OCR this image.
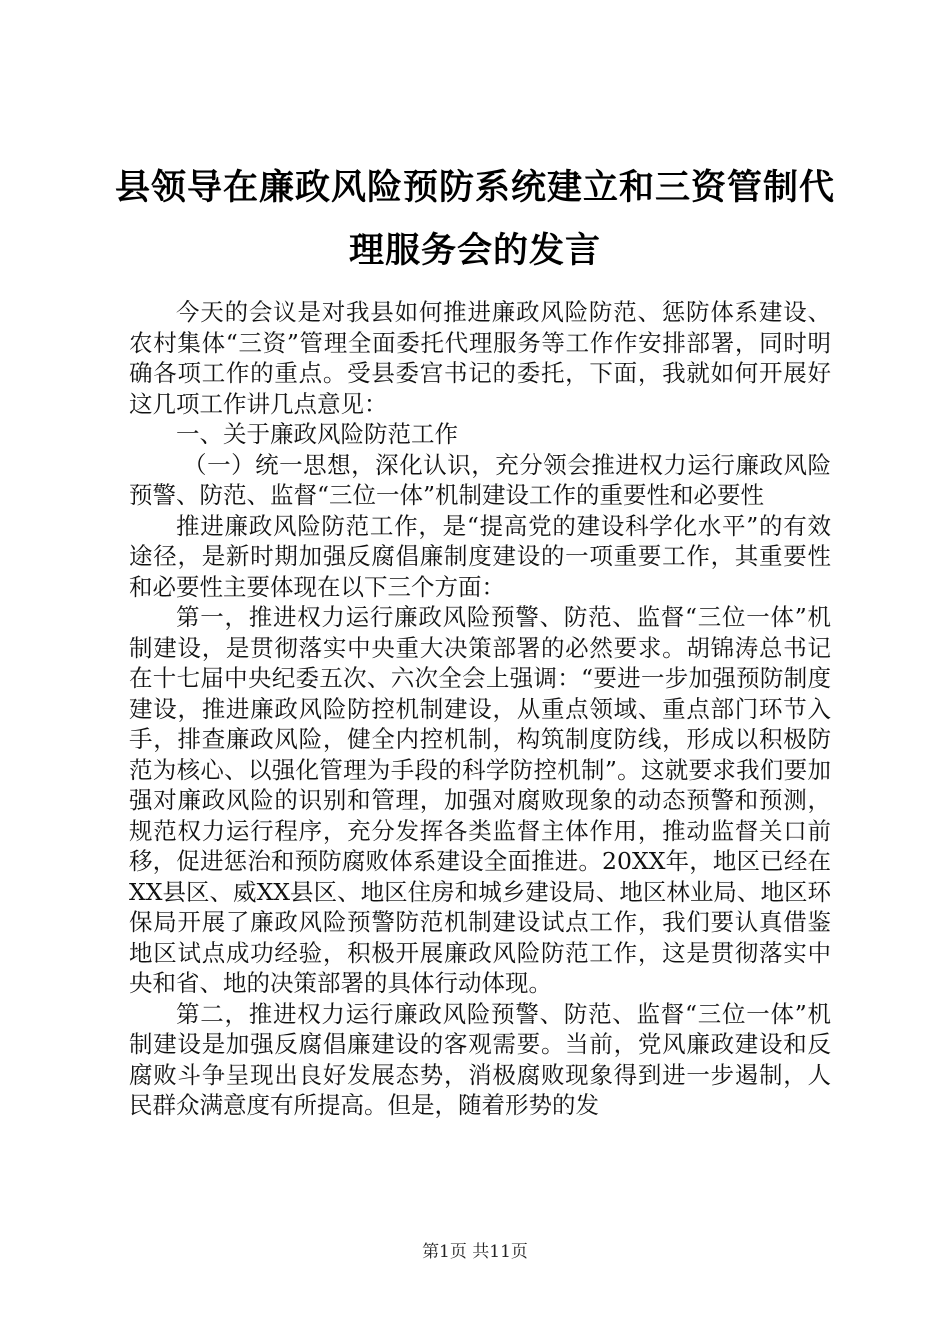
县领导在廉政风险预防系统建立和三资管制代理服务会的发言

今天的会议是对我县如何推进廉政风险防范、惩防体系建设、农村集体“三资”管理全面委托代理服务等工作作安排部署，同时明确各项工作的重点。受县委宫书记的委托，下面，我就如何开展好这几项工作讲几点意见：

一、关于廉政风险防范工作

（一）统一思想，深化认识，充分领会推进权力运行廉政风险预警、防范、监督“三位一体”机制建设工作的重要性和必要性

推进廉政风险防范工作，是“提高党的建设科学化水平”的有效途径，是新时期加强反腐倡廉制度建设的一项重要工作，其重要性和必要性主要体现在以下三个方面：

第一，推进权力运行廉政风险预警、防范、监督“三位一体”机制建设，是贯彻落实中央重大决策部署的必然要求。胡锦涛总书记在十七届中央纪委五次、六次全会上强调：“要进一步加强预防制度建设，推进廉政风险防控机制建设，从重点领域、重点部门环节入手，排查廉政风险，健全内控机制，构筑制度防线，形成以积极防范为核心、以强化管理为手段的科学防控机制”。这就要求我们要加强对廉政风险的识别和管理，加强对腐败现象的动态预警和预测，规范权力运行程序，充分发挥各类监督主体作用，推动监督关口前移，促进惩治和预防腐败体系建设全面推进。20XX年，地区已经在XX县区、威XX县区、地区住房和城乡建设局、地区林业局、地区环保局开展了廉政风险预警防范机制建设试点工作，我们要认真借鉴地区试点成功经验，积极开展廉政风险防范工作，这是贯彻落实中央和省、地的决策部署的具体行动体现。

第二，推进权力运行廉政风险预警、防范、监督“三位一体”机制建设是加强反腐倡廉建设的客观需要。当前，党风廉政建设和反腐败斗争呈现出良好发展态势，消极腐败现象得到进一步遏制，人民群众满意度有所提高。但是，随着形势的发

第1页 共11页
